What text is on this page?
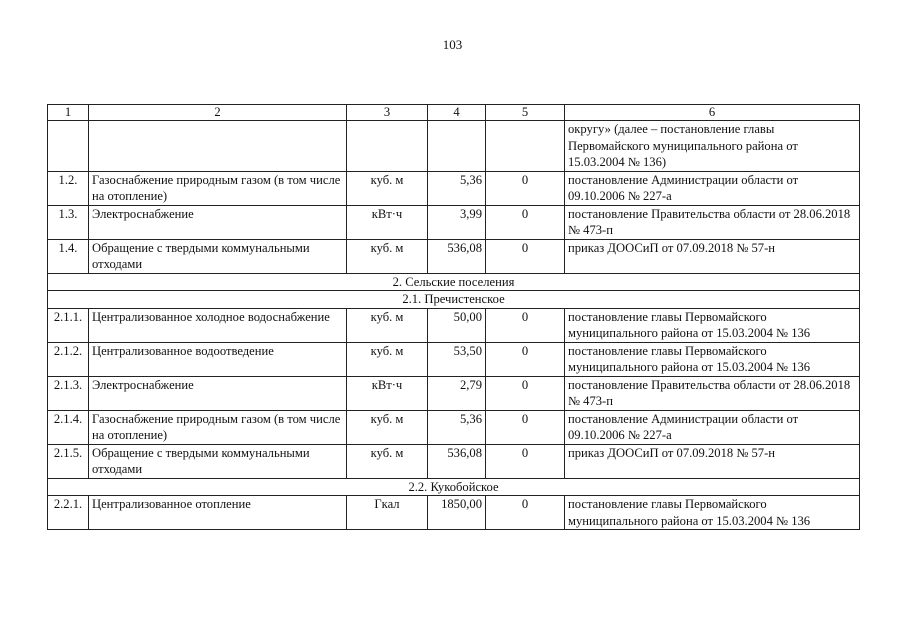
103
1	2	3	4	5	6
					округу» (далее – постановление главы Первомайского муниципального района от 15.03.2004 № 136)
1.2.	Газоснабжение природным газом (в том числе на отопление)	куб. м	5,36	0	постановление Администрации области от 09.10.2006 № 227-а
1.3.	Электроснабжение	кВт·ч	3,99	0	постановление Правительства области от 28.06.2018 № 473-п
1.4.	Обращение с твердыми коммунальными отходами	куб. м	536,08	0	приказ ДООСиП от 07.09.2018 № 57-н
2. Сельские поселения					
2.1. Пречистенское					
2.1.1.	Централизованное холодное водоснабжение	куб. м	50,00	0	постановление главы Первомайского муниципального района от 15.03.2004 № 136
2.1.2.	Централизованное водоотведение	куб. м	53,50	0	постановление главы Первомайского муниципального района от 15.03.2004 № 136
2.1.3.	Электроснабжение	кВт·ч	2,79	0	постановление Правительства области от 28.06.2018 № 473-п
2.1.4.	Газоснабжение природным газом (в том числе на отопление)	куб. м	5,36	0	постановление Администрации области от 09.10.2006 № 227-а
2.1.5.	Обращение с твердыми коммунальными отходами	куб. м	536,08	0	приказ ДООСиП от 07.09.2018 № 57-н
2.2. Кукобойское					
2.2.1.	Централизованное отопление	Гкал	1850,00	0	постановление главы Первомайского муниципального района от 15.03.2004 № 136
